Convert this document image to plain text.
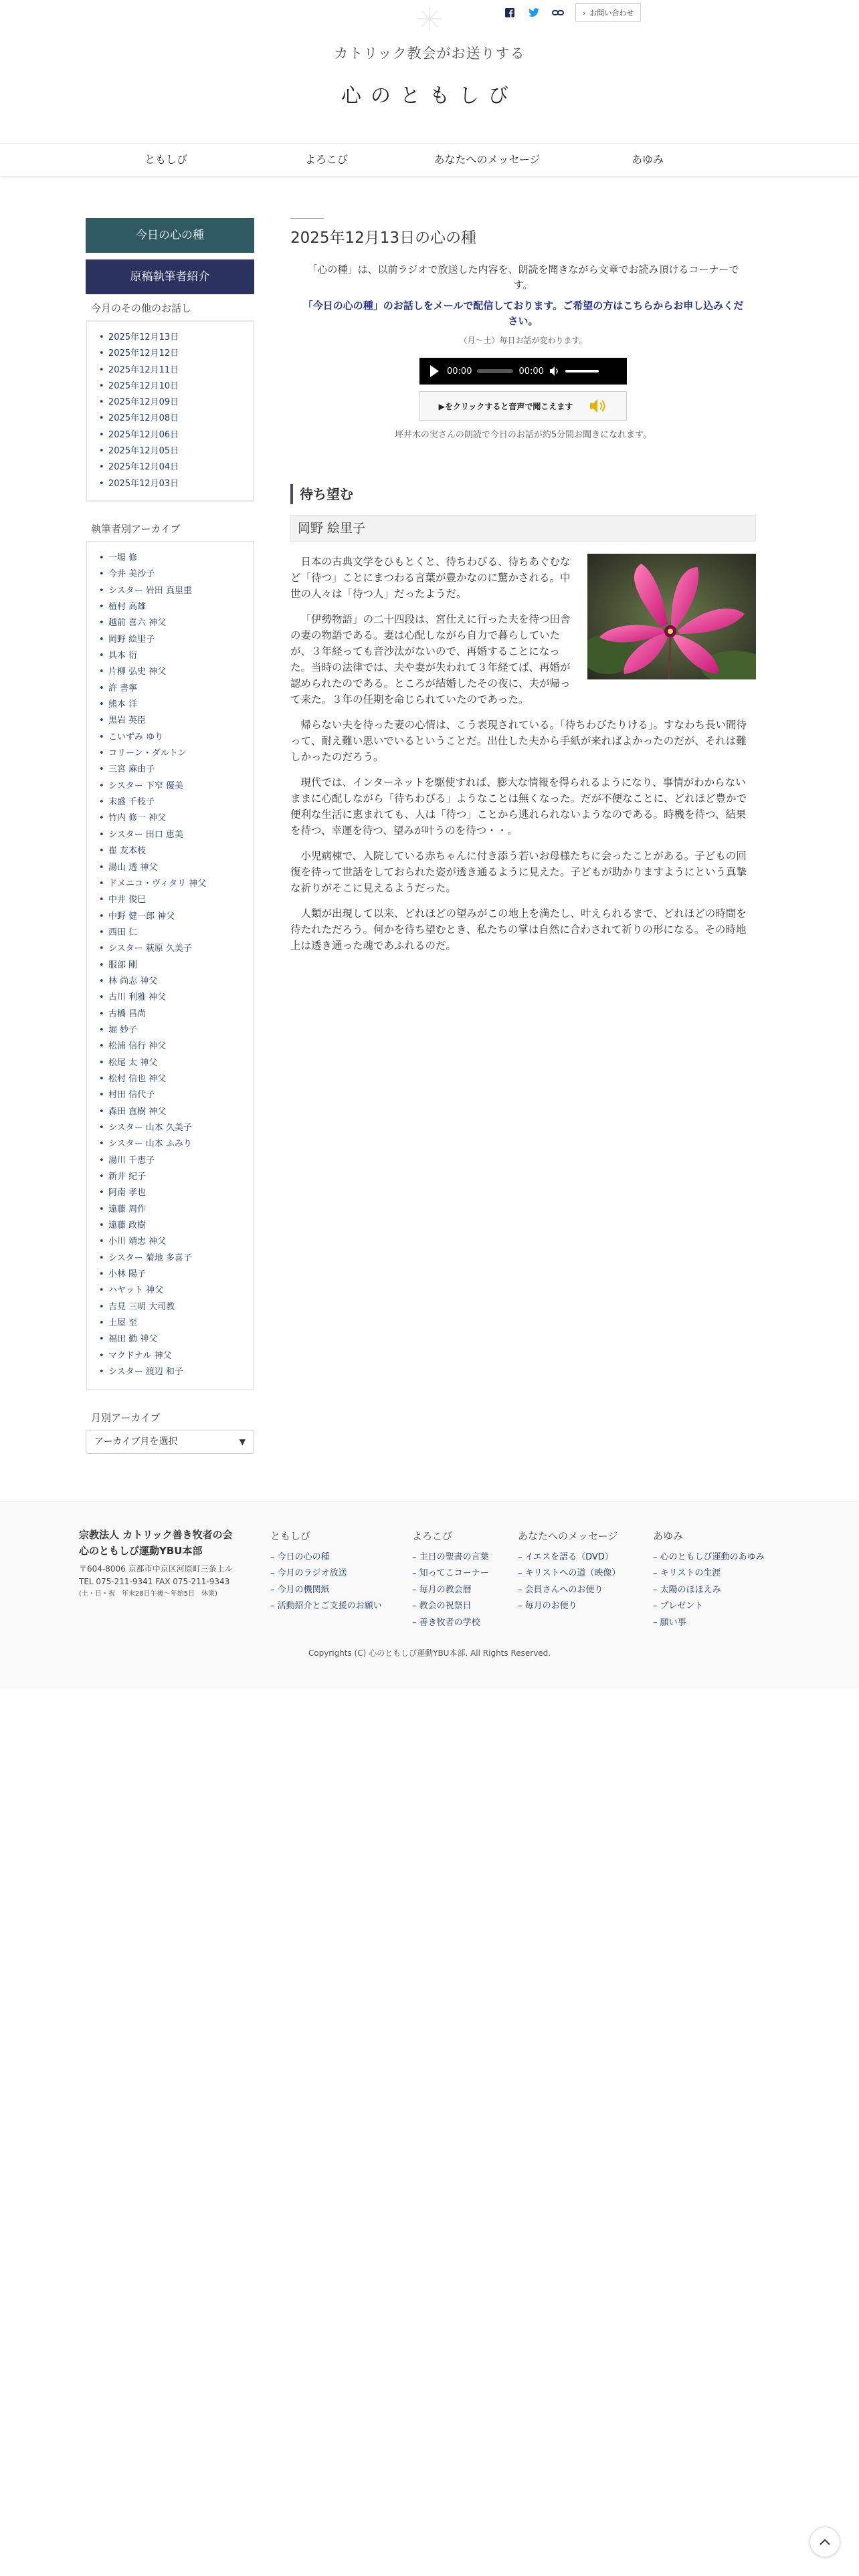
› お問い合わせ
カトリック教会がお送りする
心のともしび
ともしび	よろこび	あなたへのメッセージ	あゆみ
今日の心の種
原稿執筆者紹介
今月のその他のお話し
• 2025年12月13日
• 2025年12月12日
• 2025年12月11日
• 2025年12月10日
• 2025年12月09日
• 2025年12月08日
• 2025年12月06日
• 2025年12月05日
• 2025年12月04日
• 2025年12月03日
執筆者別アーカイブ
• 一場 修
• 今井 美沙子
• シスター 岩田 真里重
• 植村 高雄
• 越前 喜六 神父
• 岡野 絵里子
• 具本 衍
• 片柳 弘史 神父
• 許 書寧
• 熊本 洋
• 黒岩 英臣
• こいずみ ゆり
• コリーン・ダルトン
• 三宮 麻由子
• シスター 下窄 優美
• 末盛 千枝子
• 竹内 修一 神父
• シスター 田口 恵美
• 崔 友本枝
• 湯山 透 神父
• ドメニコ・ヴィタリ 神父
• 中井 俊巳
• 中野 健一郎 神父
• 西田 仁
• シスター 萩原 久美子
• 服部 剛
• 林 尚志 神父
• 古川 利雅 神父
• 古橋 昌尚
• 堀 妙子
• 松浦 信行 神父
• 松尾 太 神父
• 松村 信也 神父
• 村田 信代子
• 森田 直樹 神父
• シスター 山本 久美子
• シスター 山本 ふみり
• 湯川 千恵子
• 新井 紀子
• 阿南 孝也
• 遠藤 周作
• 遠藤 政樹
• 小川 靖忠 神父
• シスター 菊地 多喜子
• 小林 陽子
• ハヤット 神父
• 吉見 三明 大司教
• 土屋 至
• 福田 勤 神父
• マクドナル 神父
• シスター 渡辺 和子
月別アーカイブ
アーカイブ月を選択	▼
2025年12月13日の心の種

「心の種」は、以前ラジオで放送した内容を、朗読を聞きながら文章でお読み頂けるコーナーです。

「今日の心の種」のお話しをメールで配信しております。ご希望の方はこちらからお申し込みください。

（月〜土）毎日お話が変わります。

00:00	00:00
▶をクリックすると音声で聞こえます

坪井木の実さんの朗読で今日のお話が約5分間お聞きになれます。

待ち望む
岡野 絵里子

日本の古典文学をひもとくと、待ちわびる、待ちあぐむなど「待つ」ことにまつわる言葉が豊かなのに驚かされる。中世の人々は「待つ人」だったようだ。

「伊勢物語」の二十四段は、宮仕えに行った夫を待つ田舎の妻の物語である。妻は心配しながら自力で暮らしていたが、３年経っても音沙汰がないので、再婚することになった。当時の法律では、夫や妻が失われて３年経てば、再婚が認められたのである。ところが結婚したその夜に、夫が帰って来た。３年の任期を命じられていたのであった。

帰らない夫を待った妻の心情は、こう表現されている。「待ちわびたりける」。すなわち長い間待って、耐え難い思いでいるということだ。出仕した夫から手紙が来ればよかったのだが、それは難しかったのだろう。

現代では、インターネットを駆使すれば、膨大な情報を得られるようになり、事情がわからないままに心配しながら「待ちわびる」ようなことは無くなった。だが不便なことに、どれほど豊かで便利な生活に恵まれても、人は「待つ」ことから逃れられないようなのである。時機を待つ、結果を待つ、幸運を待つ、望みが叶うのを待つ・・。

小児病棟で、入院している赤ちゃんに付き添う若いお母様たちに会ったことがある。子どもの回復を待って世話をしておられた姿が透き通るように見えた。子どもが助かりますようにという真摯な祈りがそこに見えるようだった。

人類が出現して以来、どれほどの望みがこの地上を満たし、叶えられるまで、どれほどの時間を待たれただろう。何かを待ち望むとき、私たちの掌は自然に合わされて祈りの形になる。その時地上は透き通った魂であふれるのだ。

宗教法人 カトリック善き牧者の会
心のともしび運動YBU本部
〒604-8006 京都市中京区河原町三条上ル
TEL 075-211-9341 FAX 075-211-9343
(土・日・祝　年末28日午後〜年始5日　休業)
ともしび
– 今日の心の種
– 今月のラジオ放送
– 今月の機関紙
– 活動紹介とご支援のお願い
よろこび
– 主日の聖書の言葉
– 知ってこコーナー
– 毎月の教会暦
– 教会の祝祭日
– 善き牧者の学校
あなたへのメッセージ
– イエスを語る（DVD）
– キリストへの道（映像）
– 会員さんへのお便り
– 毎月のお便り
あゆみ
– 心のともしび運動のあゆみ
– キリストの生涯
– 太陽のほほえみ
– プレゼント
– 願い事
Copyrights (C) 心のともしび運動YBU本部. All Rights Reserved.
